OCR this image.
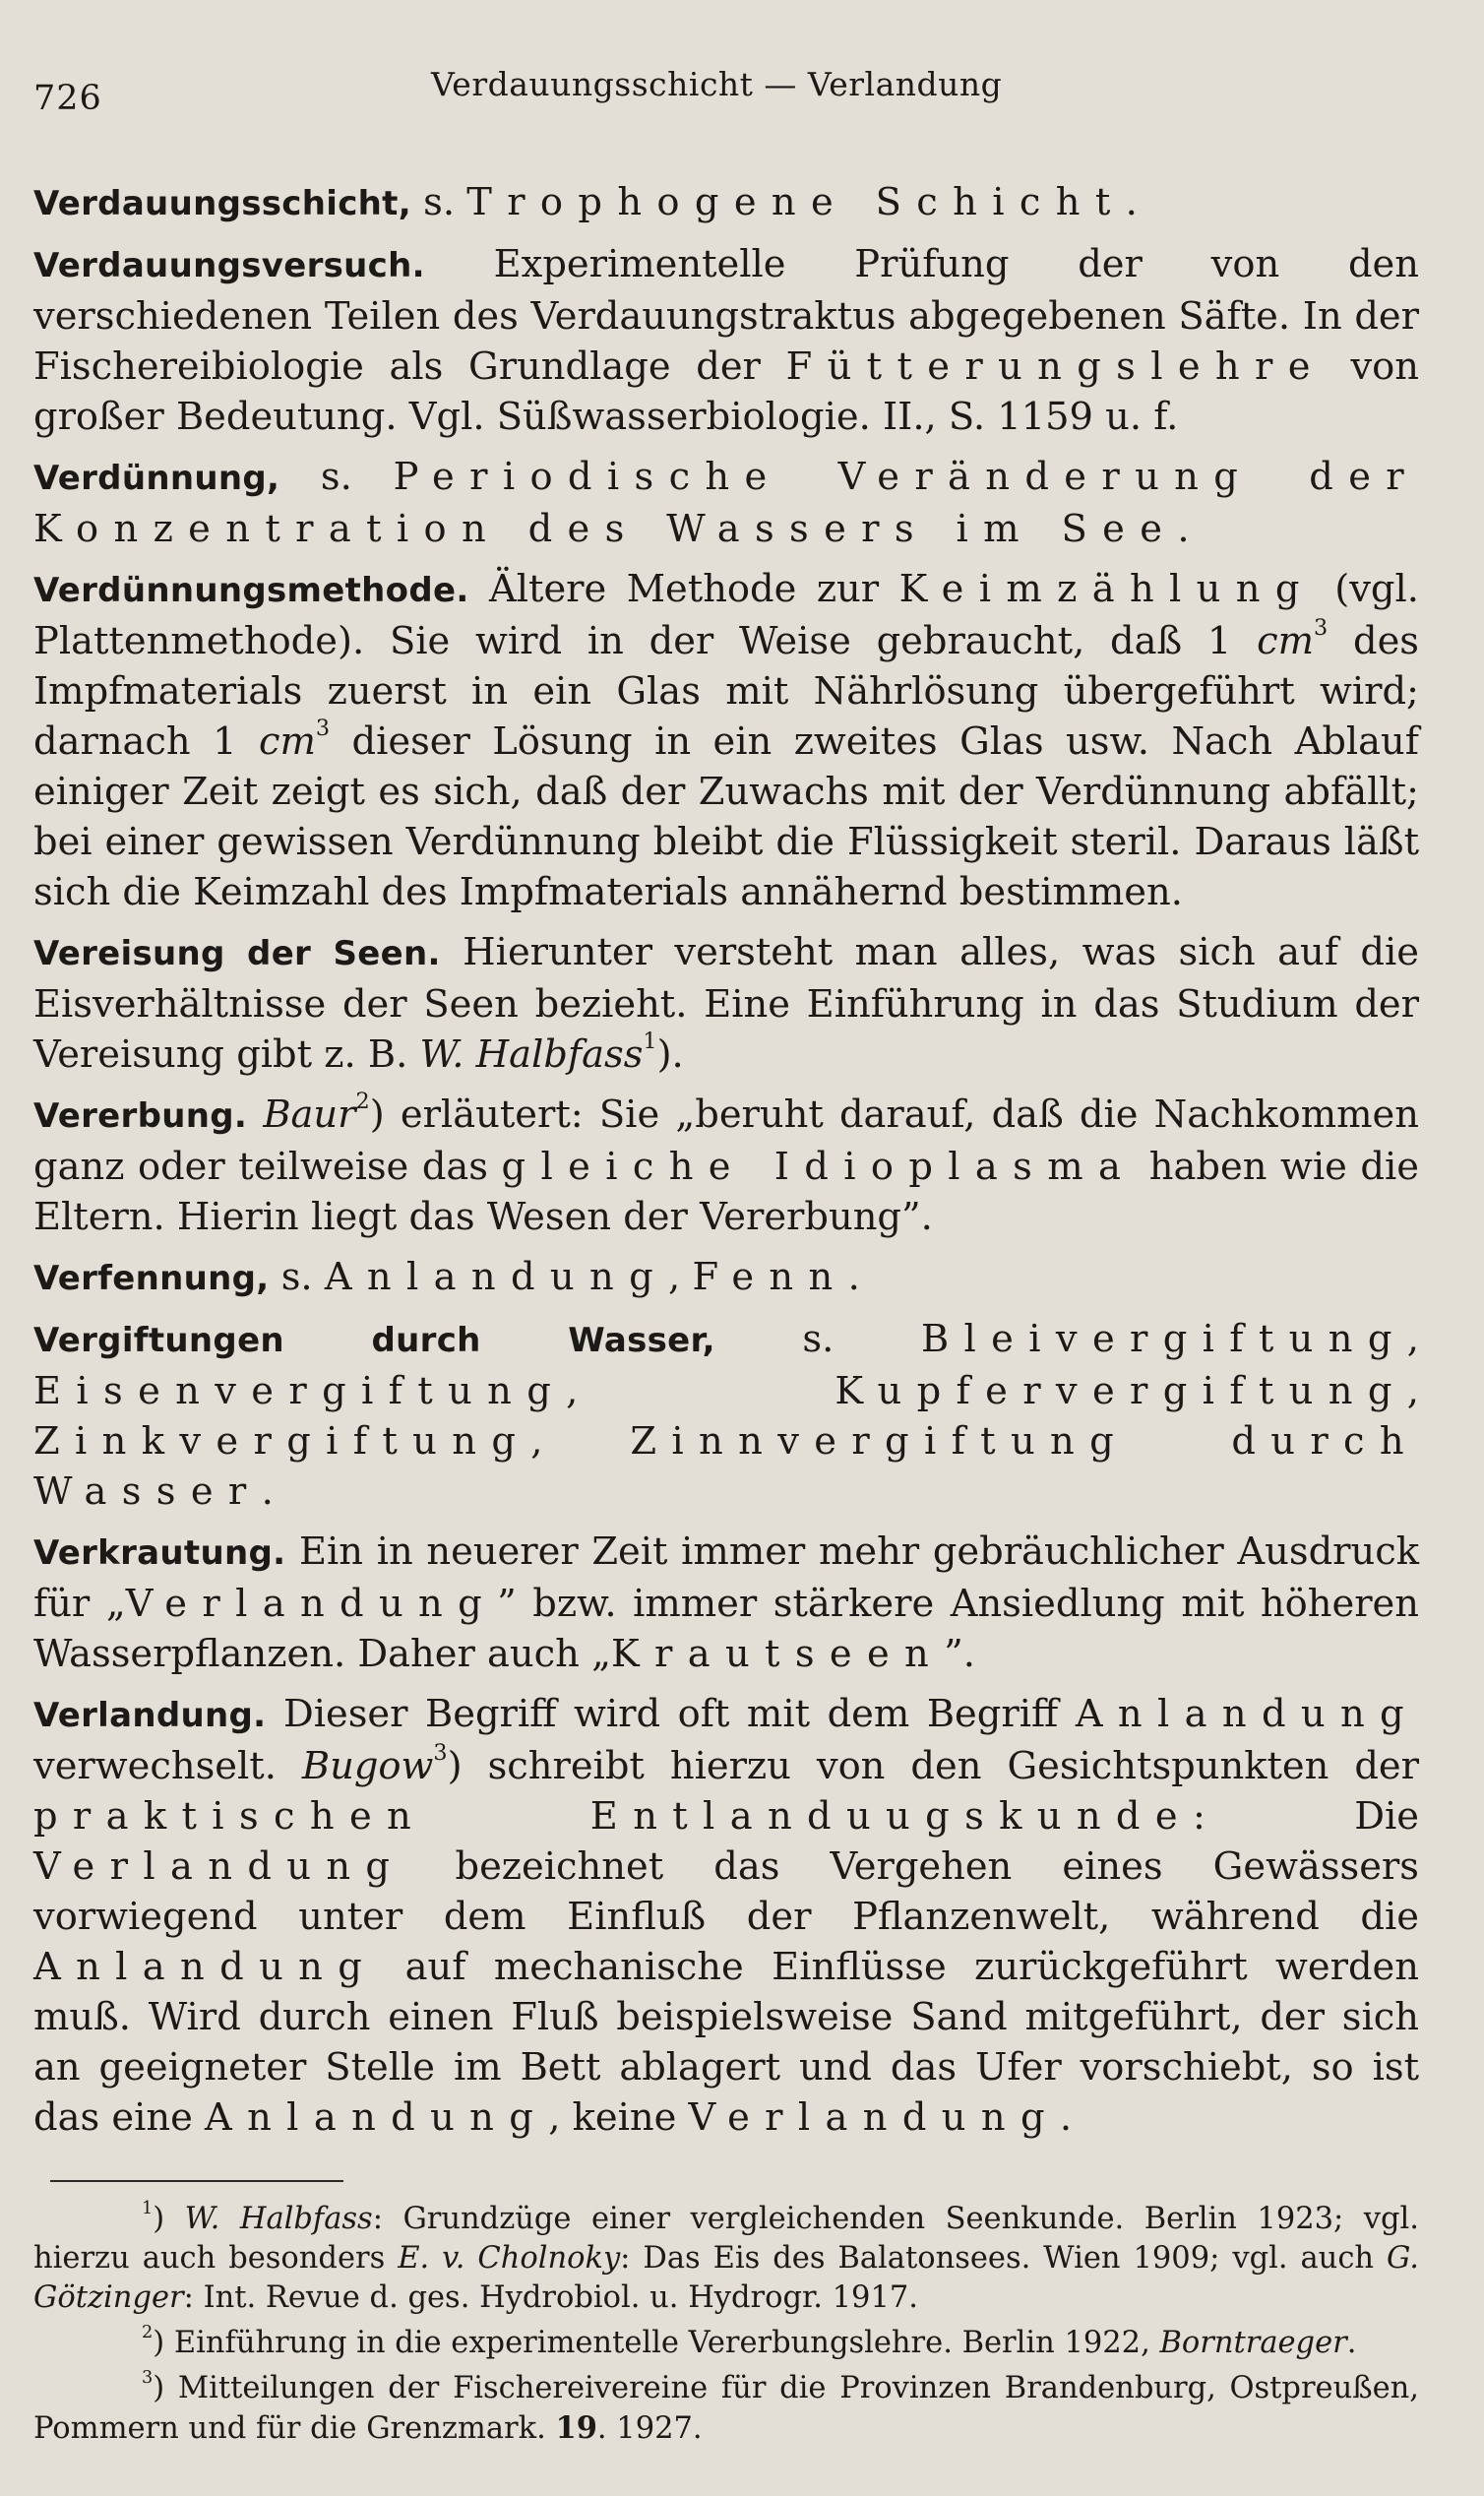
726	Verdauungsschicht — Verlandung

Verdauungsschicht, s. Trophogene Schicht.

Verdauungsversuch. Experimentelle Prüfung der von den verschiedenen Teilen des Verdauungstraktus abgegebenen Säfte. In der Fischereibiologie als Grundlage der Fütterungslehre von großer Bedeutung. Vgl. Süßwasserbiologie. II., S. 1159 u. f.

Verdünnung, s. Periodische Veränderung der Konzentration des Wassers im See.

Verdünnungsmethode. Ältere Methode zur Keimzählung (vgl. Plattenmethode). Sie wird in der Weise gebraucht, daß 1 $cm^3$ des Impfmaterials zuerst in ein Glas mit Nährlösung übergeführt wird; darnach 1 $cm^3$ dieser Lösung in ein zweites Glas usw. Nach Ablauf einiger Zeit zeigt es sich, daß der Zuwachs mit der Verdünnung abfällt; bei einer gewissen Verdünnung bleibt die Flüssigkeit steril. Daraus läßt sich die Keimzahl des Impfmaterials annähernd bestimmen.

Vereisung der Seen. Hierunter versteht man alles, was sich auf die Eisverhältnisse der Seen bezieht. Eine Einführung in das Studium der Vereisung gibt z. B. W. Halbfass$^1$).

Vererbung. Baur$^2$) erläutert: Sie „beruht darauf, daß die Nachkommen ganz oder teilweise das gleiche Idioplasma haben wie die Eltern. Hierin liegt das Wesen der Vererbung”.

Verfennung, s. Anlandung, Fenn.

Vergiftungen durch Wasser, s. Bleivergiftung, Eisenvergiftung, Kupfervergiftung, Zinkvergiftung, Zinnvergiftung durch Wasser.

Verkrautung. Ein in neuerer Zeit immer mehr gebräuchlicher Ausdruck für „Verlandung” bzw. immer stärkere Ansiedlung mit höheren Wasserpflanzen. Daher auch „Krautseen”.

Verlandung. Dieser Begriff wird oft mit dem Begriff Anlandung verwechselt. Bugow$^3$) schreibt hierzu von den Gesichtspunkten der praktischen Entlanduugskunde: Die Verlandung bezeichnet das Vergehen eines Gewässers vorwiegend unter dem Einfluß der Pflanzenwelt, während die Anlandung auf mechanische Einflüsse zurückgeführt werden muß. Wird durch einen Fluß beispielsweise Sand mitgeführt, der sich an geeigneter Stelle im Bett ablagert und das Ufer vorschiebt, so ist das eine Anlandung, keine Verlandung.

$^1$) W. Halbfass: Grundzüge einer vergleichenden Seenkunde. Berlin 1923; vgl. hierzu auch besonders E. v. Cholnoky: Das Eis des Balatonsees. Wien 1909; vgl. auch G. Götzinger: Int. Revue d. ges. Hydrobiol. u. Hydrogr. 1917.

$^2$) Einführung in die experimentelle Vererbungslehre. Berlin 1922, Borntraeger.

$^3$) Mitteilungen der Fischereivereine für die Provinzen Brandenburg, Ostpreußen, Pommern und für die Grenzmark. 19. 1927.
